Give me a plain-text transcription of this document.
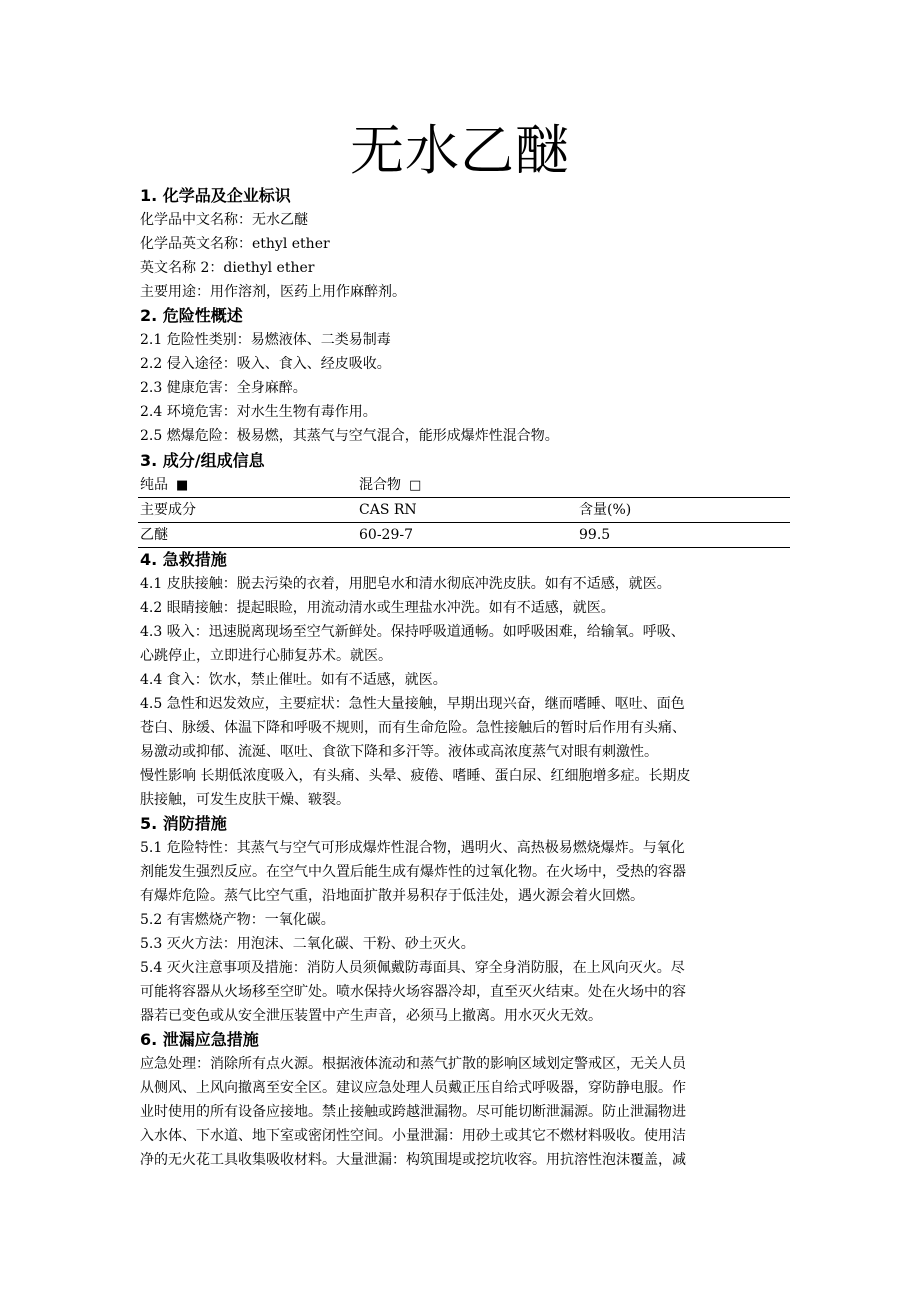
无水乙醚
1. 化学品及企业标识
化学品中文名称：无水乙醚
化学品英文名称：ethyl ether
英文名称 2：diethyl ether
主要用途：用作溶剂，医药上用作麻醉剂。
2. 危险性概述
2.1 危险性类别：易燃液体、二类易制毒
2.2 侵入途径：吸入、食入、经皮吸收。
2.3 健康危害：全身麻醉。
2.4 环境危害：对水生生物有毒作用。
2.5 燃爆危险：极易燃，其蒸气与空气混合，能形成爆炸性混合物。
3. 成分/组成信息
纯品 ■	混合物 □
主要成分	CAS RN	含量(%)
乙醚	60-29-7	99.5
4. 急救措施
4.1 皮肤接触：脱去污染的衣着，用肥皂水和清水彻底冲洗皮肤。如有不适感，就医。
4.2 眼睛接触：提起眼睑，用流动清水或生理盐水冲洗。如有不适感，就医。
4.3 吸入：迅速脱离现场至空气新鲜处。保持呼吸道通畅。如呼吸困难，给输氧。呼吸、
心跳停止，立即进行心肺复苏术。就医。
4.4 食入：饮水，禁止催吐。如有不适感，就医。
4.5 急性和迟发效应，主要症状：急性大量接触，早期出现兴奋，继而嗜睡、呕吐、面色
苍白、脉缓、体温下降和呼吸不规则，而有生命危险。急性接触后的暂时后作用有头痛、
易激动或抑郁、流涎、呕吐、食欲下降和多汗等。液体或高浓度蒸气对眼有刺激性。
慢性影响 长期低浓度吸入，有头痛、头晕、疲倦、嗜睡、蛋白尿、红细胞增多症。长期皮
肤接触，可发生皮肤干燥、皲裂。
5. 消防措施
5.1 危险特性：其蒸气与空气可形成爆炸性混合物，遇明火、高热极易燃烧爆炸。与氧化
剂能发生强烈反应。在空气中久置后能生成有爆炸性的过氧化物。在火场中，受热的容器
有爆炸危险。蒸气比空气重，沿地面扩散并易积存于低洼处，遇火源会着火回燃。
5.2 有害燃烧产物：一氧化碳。
5.3 灭火方法：用泡沫、二氧化碳、干粉、砂土灭火。
5.4 灭火注意事项及措施：消防人员须佩戴防毒面具、穿全身消防服，在上风向灭火。尽
可能将容器从火场移至空旷处。喷水保持火场容器冷却，直至灭火结束。处在火场中的容
器若已变色或从安全泄压装置中产生声音，必须马上撤离。用水灭火无效。
6. 泄漏应急措施
应急处理：消除所有点火源。根据液体流动和蒸气扩散的影响区域划定警戒区，无关人员
从侧风、上风向撤离至安全区。建议应急处理人员戴正压自给式呼吸器，穿防静电服。作
业时使用的所有设备应接地。禁止接触或跨越泄漏物。尽可能切断泄漏源。防止泄漏物进
入水体、下水道、地下室或密闭性空间。小量泄漏：用砂土或其它不燃材料吸收。使用洁
净的无火花工具收集吸收材料。大量泄漏：构筑围堤或挖坑收容。用抗溶性泡沫覆盖，减
